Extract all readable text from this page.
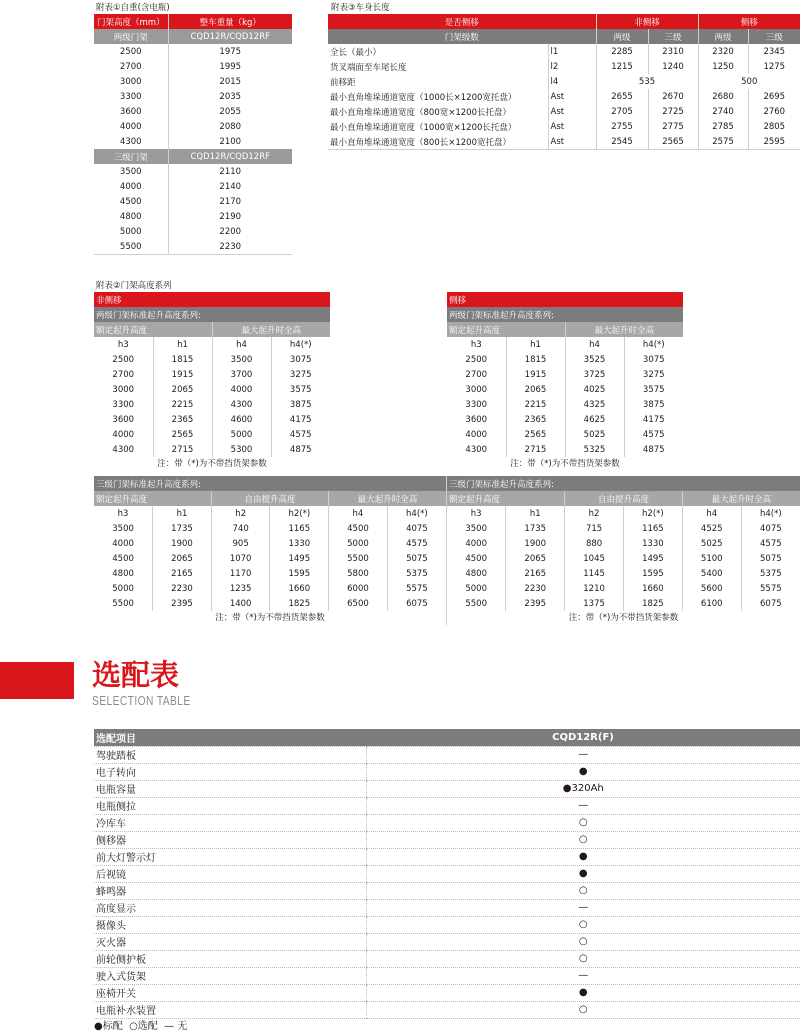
附表①自重(含电瓶)
门架高度（mm）	整车重量（kg）
两级门架	CQD12R/CQD12RF
2500	1975
2700	1995
3000	2015
3300	2035
3600	2055
4000	2080
4300	2100
三级门架	CQD12R/CQD12RF
3500	2110
4000	2140
4500	2170
4800	2190
5000	2200
5500	2230
附表③车身长度
是否侧移		非侧移		侧移	
门架级数		两级	三级	两级	三级
全长（最小）	l1	2285	2310	2320	2345
货叉端面至车尾长度	l2	1215	1240	1250	1275
前移距	l4	535		500	
最小直角堆垛通道宽度（1000长×1200宽托盘）	Ast	2655	2670	2680	2695
最小直角堆垛通道宽度（800宽×1200长托盘）	Ast	2705	2725	2740	2760
最小直角堆垛通道宽度（1000宽×1200长托盘）	Ast	2755	2775	2785	2805
最小直角堆垛通道宽度（800长×1200宽托盘）	Ast	2545	2565	2575	2595
附表②门架高度系列
非侧移			
两级门架标准起升高度系列:			
额定起升高度		最大起升时全高	
h3	h1	h4	h4(*)
2500	1815	3500	3075
2700	1915	3700	3275
3000	2065	4000	3575
3300	2215	4300	3875
3600	2365	4600	4175
4000	2565	5000	4575
4300	2715	5300	4875
注：带（*)为不带挡货架参数
侧移			
两级门架标准起升高度系列:			
额定起升高度		最大起升时全高	
h3	h1	h4	h4(*)
2500	1815	3525	3075
2700	1915	3725	3275
3000	2065	4025	3575
3300	2215	4325	3875
3600	2365	4625	4175
4000	2565	5025	4575
4300	2715	5325	4875
注：带（*)为不带挡货架参数
三级门架标准起升高度系列:					
额定起升高度		自由提升高度		最大起升时全高	
h3	h1	h2	h2(*)	h4	h4(*)
3500	1735	740	1165	4500	4075
4000	1900	905	1330	5000	4575
4500	2065	1070	1495	5500	5075
4800	2165	1170	1595	5800	5375
5000	2230	1235	1660	6000	5575
5500	2395	1400	1825	6500	6075
注：带（*)为不带挡货架参数
三级门架标准起升高度系列:					
额定起升高度		自由提升高度		最大起升时全高	
h3	h1	h2	h2(*)	h4	h4(*)
3500	1735	715	1165	4525	4075
4000	1900	880	1330	5025	4575
4500	2065	1045	1495	5100	5075
4800	2165	1145	1595	5400	5375
5000	2230	1210	1660	5600	5575
5500	2395	1375	1825	6100	6075
注：带（*)为不带挡货架参数
选配表
SELECTION TABLE
选配项目	CQD12R(F)
驾驶踏板	—
电子转向	●
电瓶容量	●320Ah
电瓶侧拉	—
冷库车	○
侧移器	○
前大灯警示灯	●
后视镜	●
蜂鸣器	○
高度显示	—
摄像头	○
灭火器	○
前轮侧护板	○
驶入式货架	—
座椅开关	●
电瓶补水装置	○
●标配  ○选配  — 无
